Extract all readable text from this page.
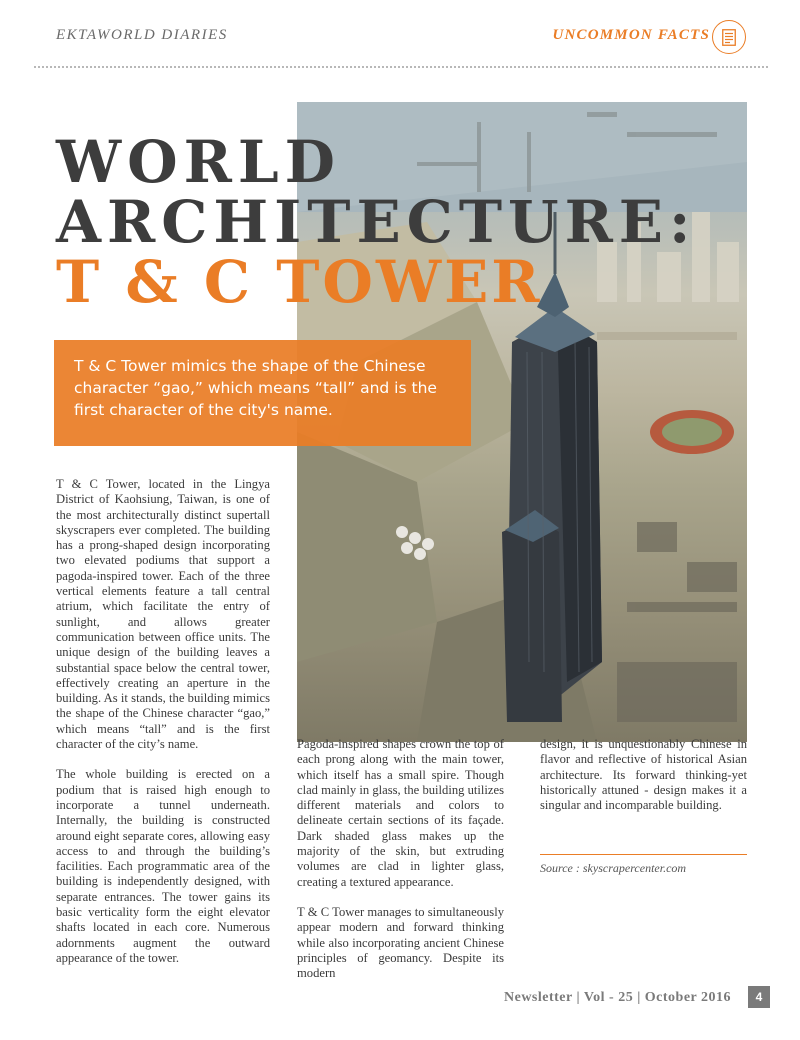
EKTAWORLD DIARIES	UNCOMMON FACTS
WORLD
ARCHITECTURE:
T & C TOWER
T & C Tower mimics the shape of the Chinese character “gao,” which means “tall” and is the first character of the city's name.

T & C Tower, located in the Lingya District of Kaohsiung, Taiwan, is one of the most architecturally distinct supertall skyscrapers ever completed. The building has a prong-shaped design incorporating two elevated podiums that support a pagoda-inspired tower. Each of the three vertical elements feature a tall central atrium, which facilitate the entry of sunlight, and allows greater communication between office units. The unique design of the building leaves a substantial space below the central tower, effectively creating an aperture in the building. As it stands, the building mimics the shape of the Chinese character “gao,” which means “tall” and is the first character of the city’s name.

The whole building is erected on a podium that is raised high enough to incorporate a tunnel underneath. Internally, the building is constructed around eight separate cores, allowing easy access to and through the building’s facilities. Each programmatic area of the building is independently designed, with separate entrances. The tower gains its basic verticality form the eight elevator shafts located in each core. Numerous adornments augment the outward appearance of the tower.

Pagoda-inspired shapes crown the top of each prong along with the main tower, which itself has a small spire. Though clad mainly in glass, the building utilizes different materials and colors to delineate certain sections of its façade. Dark shaded glass makes up the majority of the skin, but extruding volumes are clad in lighter glass, creating a textured appearance.

T & C Tower manages to simultaneously appear modern and forward thinking while also incorporating ancient Chinese principles of geomancy. Despite its modern

design, it is unquestionably Chinese in flavor and reflective of historical Asian architecture. Its forward thinking-yet historically attuned - design makes it a singular and incomparable building.

Source : skyscrapercenter.com
Newsletter | Vol - 25 | October 2016	4
